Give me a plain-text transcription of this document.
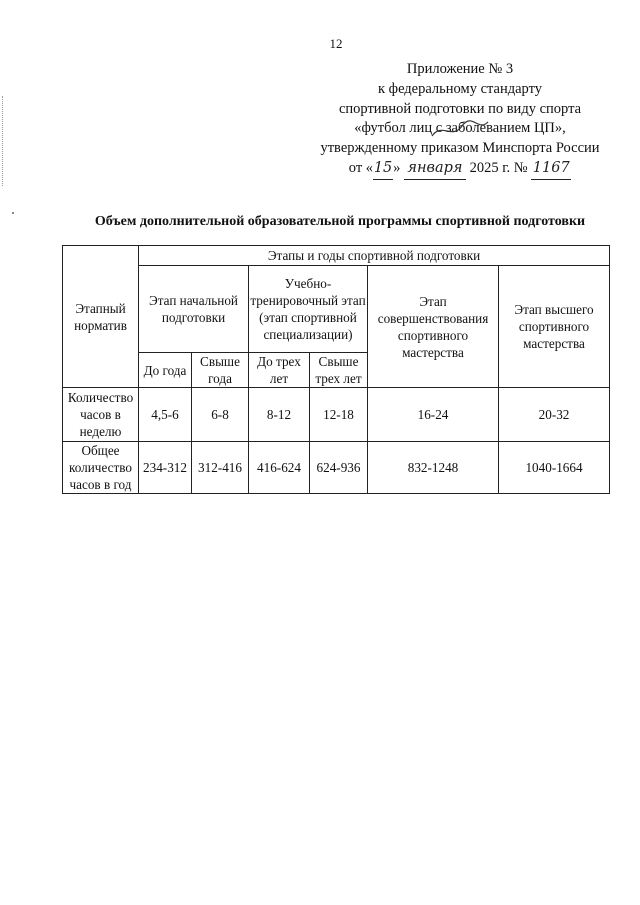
12
Приложение № 3
к федеральному стандарту
спортивной подготовки по виду спорта
«футбол лиц с заболеванием ЦП»,
утвержденному приказом Минспорта России
от «15» января 2025 г. № 1167
Объем дополнительной образовательной программы спортивной подготовки
Этапный норматив	Этапы и годы спортивной подготовки					
	Этап начальной подготовки		Учебно-тренировочный этап (этап спортивной специализации)		Этап совершенствования спортивного мастерства	Этап высшего спортивного мастерства
	До года	Свыше года	До трех лет	Свыше трех лет		
Количество часов в неделю	4,5-6	6-8	8-12	12-18	16-24	20-32
Общее количество часов в год	234-312	312-416	416-624	624-936	832-1248	1040-1664
